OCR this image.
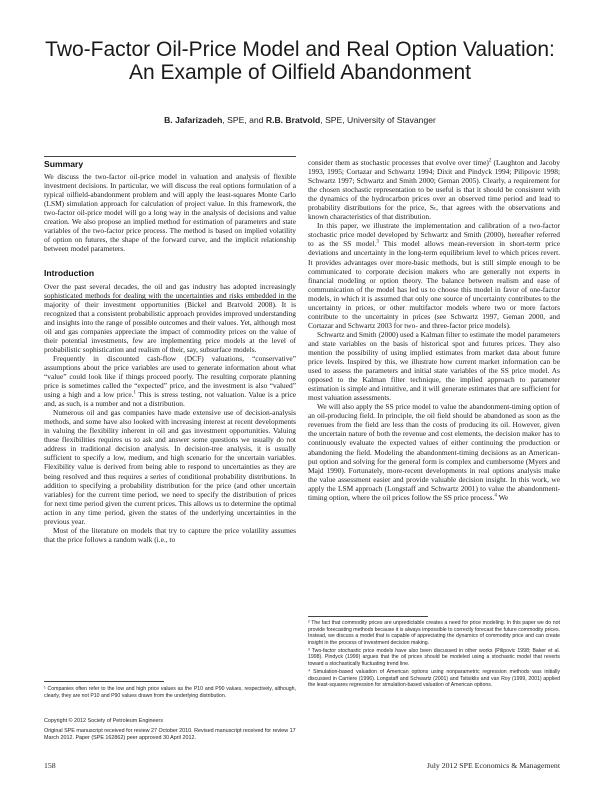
Two-Factor Oil-Price Model and Real Option Valuation: An Example of Oilfield Abandonment
B. Jafarizadeh, SPE, and R.B. Bratvold, SPE, University of Stavanger
Summary

We discuss the two-factor oil-price model in valuation and analysis of flexible investment decisions. In particular, we will discuss the real options formulation of a typical oilfield-abandonment problem and will apply the least-squares Monte Carlo (LSM) simulation approach for calculation of project value. In this framework, the two-factor oil-price model will go a long way in the analysis of decisions and value creation. We also propose an implied method for estimation of parameters and state variables of the two-factor price process. The method is based on implied volatility of option on futures, the shape of the forward curve, and the implicit relationship between model parameters.

Introduction

Over the past several decades, the oil and gas industry has adopted increasingly sophisticated methods for dealing with the uncertainties and risks embedded in the majority of their investment opportunities (Bickel and Bratvold 2008). It is recognized that a consistent probabilistic approach provides improved understanding and insights into the range of possible outcomes and their values. Yet, although most oil and gas companies appreciate the impact of commodity prices on the value of their potential investments, few are implementing price models at the level of probabilistic sophistication and realism of their, say, subsurface models.

Frequently in discounted cash-flow (DCF) valuations, “conservative” assumptions about the price variables are used to generate information about what “value” could look like if things proceed poorly. The resulting corporate planning price is sometimes called the “expected” price, and the investment is also “valued” using a high and a low price.$^1$ This is stress testing, not valuation. Value is a price and, as such, is a number and not a distribution.

Numerous oil and gas companies have made extensive use of decision-analysis methods, and some have also looked with increasing interest at recent developments in valuing the flexibility inherent in oil and gas investment opportunities. Valuing these flexibilities requires us to ask and answer some questions we usually do not address in traditional decision analysis. In decision-tree analysis, it is usually sufficient to specify a low, medium, and high scenario for the uncertain variables. Flexibility value is derived from being able to respond to uncertainties as they are being resolved and thus requires a series of conditional probability distributions. In addition to specifying a probability distribution for the price (and other uncertain variables) for the current time period, we need to specify the distribution of prices for next time period given the current prices. This allows us to determine the optimal action in any time period, given the states of the underlying uncertainties in the previous year.

Most of the literature on models that try to capture the price volatility assumes that the price follows a random walk (i.e., to

consider them as stochastic processes that evolve over time)$^2$ (Laughton and Jacoby 1993, 1995; Cortazar and Schwartz 1994; Dixit and Pindyck 1994; Pilipovic 1998; Schwartz 1997; Schwartz and Smith 2000; Geman 2005). Clearly, a requirement for the chosen stochastic representation to be useful is that it should be consistent with the dynamics of the hydrocarbon prices over an observed time period and lead to probability distributions for the price, Sₜ, that agrees with the observations and known characteristics of that distribution.

In this paper, we illustrate the implementation and calibration of a two-factor stochastic price model developed by Schwartz and Smith (2000), hereafter referred to as the SS model.$^3$ This model allows mean-reversion in short-term price deviations and uncertainty in the long-term equilibrium level to which prices revert. It provides advantages over more-basic methods, but is still simple enough to be communicated to corporate decision makers who are generally not experts in financial modeling or option theory. The balance between realism and ease of communication of the model has led us to choose this model in favor of one-factor models, in which it is assumed that only one source of uncertainty contributes to the uncertainty in prices, or other multifactor models where two or more factors contribute to the uncertainty in prices (see Schwartz 1997, Geman 2000, and Cortazar and Schwartz 2003 for two- and three-factor price models).

Schwartz and Smith (2000) used a Kalman filter to estimate the model parameters and state variables on the basis of historical spot and futures prices. They also mention the possibility of using implied estimates from market data about future price levels. Inspired by this, we illustrate how current market information can be used to assess the parameters and initial state variables of the SS price model. As opposed to the Kalman filter technique, the implied approach to parameter estimation is simple and intuitive, and it will generate estimates that are sufficient for most valuation assessments.

We will also apply the SS price model to value the abandonment-timing option of an oil-producing field. In principle, the oil field should be abandoned as soon as the revenues from the field are less than the costs of producing its oil. However, given the uncertain nature of both the revenue and cost elements, the decision maker has to continuously evaluate the expected values of either continuing the production or abandoning the field. Modeling the abandonment-timing decisions as an American-put option and solving for the general form is complex and cumbersome (Myers and Majd 1990). Fortunately, more-recent developments in real options analysis make the value assessment easier and provide valuable decision insight. In this work, we apply the LSM approach (Longstaff and Schwartz 2001) to value the abandonment-timing option, where the oil prices follow the SS price process.$^4$ We

² The fact that commodity prices are unpredictable creates a need for price modeling. In this paper we do not provide forecasting methods because it is always impossible to correctly forecast the future commodity prices. Instead, we discuss a model that is capable of appreciating the dynamics of commodity price and can create insight in the process of investment decision making.

³ Two-factor stochastic price models have also been discussed in other works (Pilipovic 1998; Baker et al. 1998). Pindyck (1999) argues that the oil prices should be modeled using a stochastic model that reverts toward a stochastically fluctuating trend line.

⁴ Simulation-based valuation of American options using nonparametric regression methods was initially discussed in Carriere (1996). Longstaff and Schwartz (2001) and Tsitsiklis and van Roy (1999, 2001) applied the least-squares regression for simulation-based valuation of American options.

¹ Companies often refer to the low and high price values as the P10 and P90 values, respectively, although, clearly, they are not P10 and P90 values drawn from the underlying distribution.

Copyright © 2012 Society of Petroleum Engineers

Original SPE manuscript received for review 27 October 2010. Revised manuscript received for review 17 March 2012. Paper (SPE 162862) peer approved 30 April 2012.

158	July 2012 SPE Economics & Management
